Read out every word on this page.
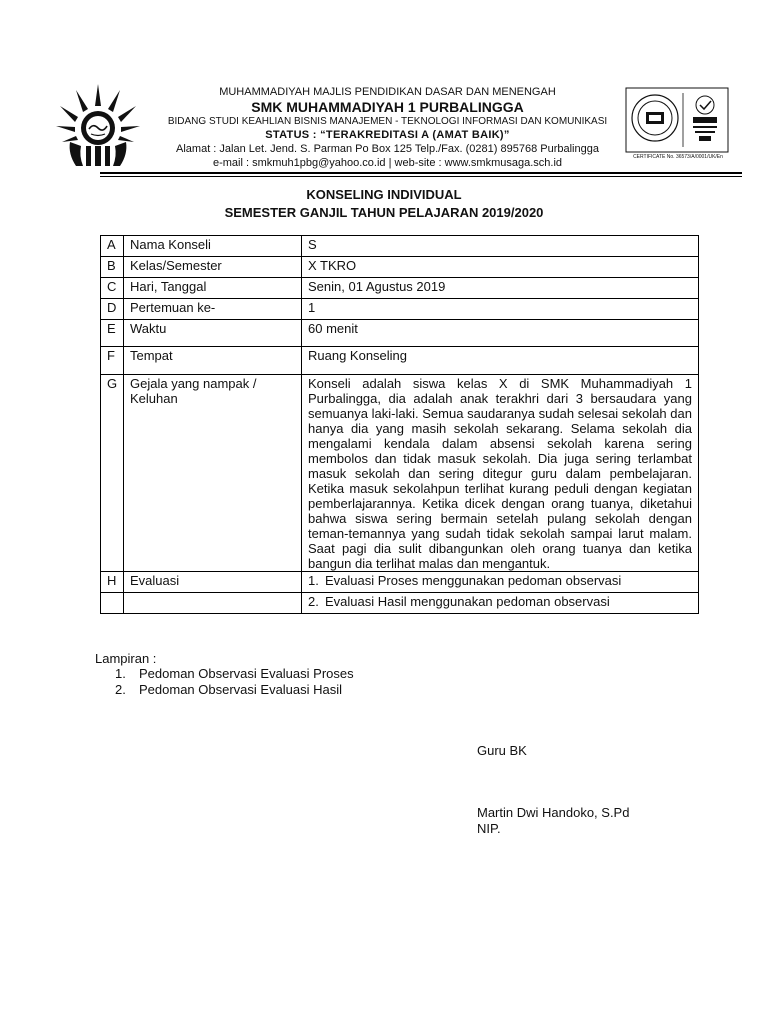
MUHAMMADIYAH MAJLIS PENDIDIKAN DASAR DAN MENENGAH
SMK MUHAMMADIYAH 1 PURBALINGGA
BIDANG STUDI KEAHLIAN BISNIS MANAJEMEN - TEKNOLOGI INFORMASI DAN KOMUNIKASI
STATUS : “TERAKREDITASI A (AMAT BAIK)”
Alamat : Jalan Let. Jend. S. Parman Po Box 125 Telp./Fax. (0281) 895768 Purbalingga
e-mail : smkmuh1pbg@yahoo.co.id | web-site : www.smkmusaga.sch.id	CERTIFICATE No. 36573/A/0001/UK/En
KONSELING INDIVIDUAL
SEMESTER GANJIL TAHUN PELAJARAN 2019/2020
A	Nama Konseli	S
B	Kelas/Semester	X TKRO
C	Hari, Tanggal	Senin, 01 Agustus 2019
D	Pertemuan ke-	1
E	Waktu	60 menit
F	Tempat	Ruang Konseling
G	Gejala yang nampak / Keluhan	Konseli adalah siswa kelas X di SMK Muhammadiyah 1 Purbalingga, dia adalah anak terakhri dari 3 bersaudara yang semuanya laki-laki. Semua saudaranya sudah selesai sekolah dan hanya dia yang masih sekolah sekarang. Selama sekolah dia mengalami kendala dalam absensi sekolah karena sering membolos dan tidak masuk sekolah. Dia juga sering terlambat masuk sekolah dan sering ditegur guru dalam pembelajaran. Ketika masuk sekolahpun terlihat kurang peduli dengan kegiatan pemberlajarannya. Ketika dicek dengan orang tuanya, diketahui bahwa siswa sering bermain setelah pulang sekolah dengan teman-temannya yang sudah tidak sekolah sampai larut malam. Saat pagi dia sulit dibangunkan oleh orang tuanya dan ketika bangun dia terlihat malas dan mengantuk.
H	Evaluasi	1. Evaluasi Proses menggunakan pedoman observasi
		2. Evaluasi Hasil menggunakan pedoman observasi
Lampiran :
1. Pedoman Observasi Evaluasi Proses
2. Pedoman Observasi Evaluasi Hasil
Guru BK
Martin Dwi Handoko, S.Pd
NIP.
